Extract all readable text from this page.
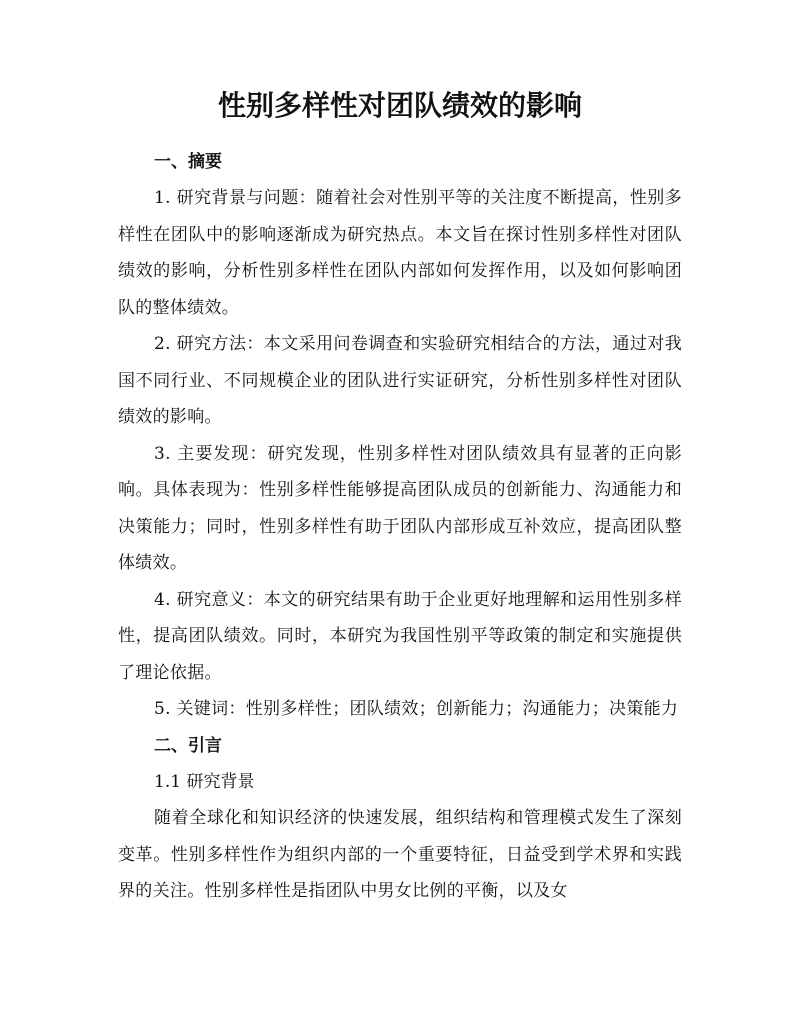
性别多样性对团队绩效的影响
一、摘要

1. 研究背景与问题：随着社会对性别平等的关注度不断提高，性别多样性在团队中的影响逐渐成为研究热点。本文旨在探讨性别多样性对团队绩效的影响，分析性别多样性在团队内部如何发挥作用，以及如何影响团队的整体绩效。

2. 研究方法：本文采用问卷调查和实验研究相结合的方法，通过对我国不同行业、不同规模企业的团队进行实证研究，分析性别多样性对团队绩效的影响。

3. 主要发现：研究发现，性别多样性对团队绩效具有显著的正向影响。具体表现为：性别多样性能够提高团队成员的创新能力、沟通能力和决策能力；同时，性别多样性有助于团队内部形成互补效应，提高团队整体绩效。

4. 研究意义：本文的研究结果有助于企业更好地理解和运用性别多样性，提高团队绩效。同时，本研究为我国性别平等政策的制定和实施提供了理论依据。

5. 关键词：性别多样性；团队绩效；创新能力；沟通能力；决策能力

二、引言

1.1 研究背景

随着全球化和知识经济的快速发展，组织结构和管理模式发生了深刻变革。性别多样性作为组织内部的一个重要特征，日益受到学术界和实践界的关注。性别多样性是指团队中男女比例的平衡，以及女
